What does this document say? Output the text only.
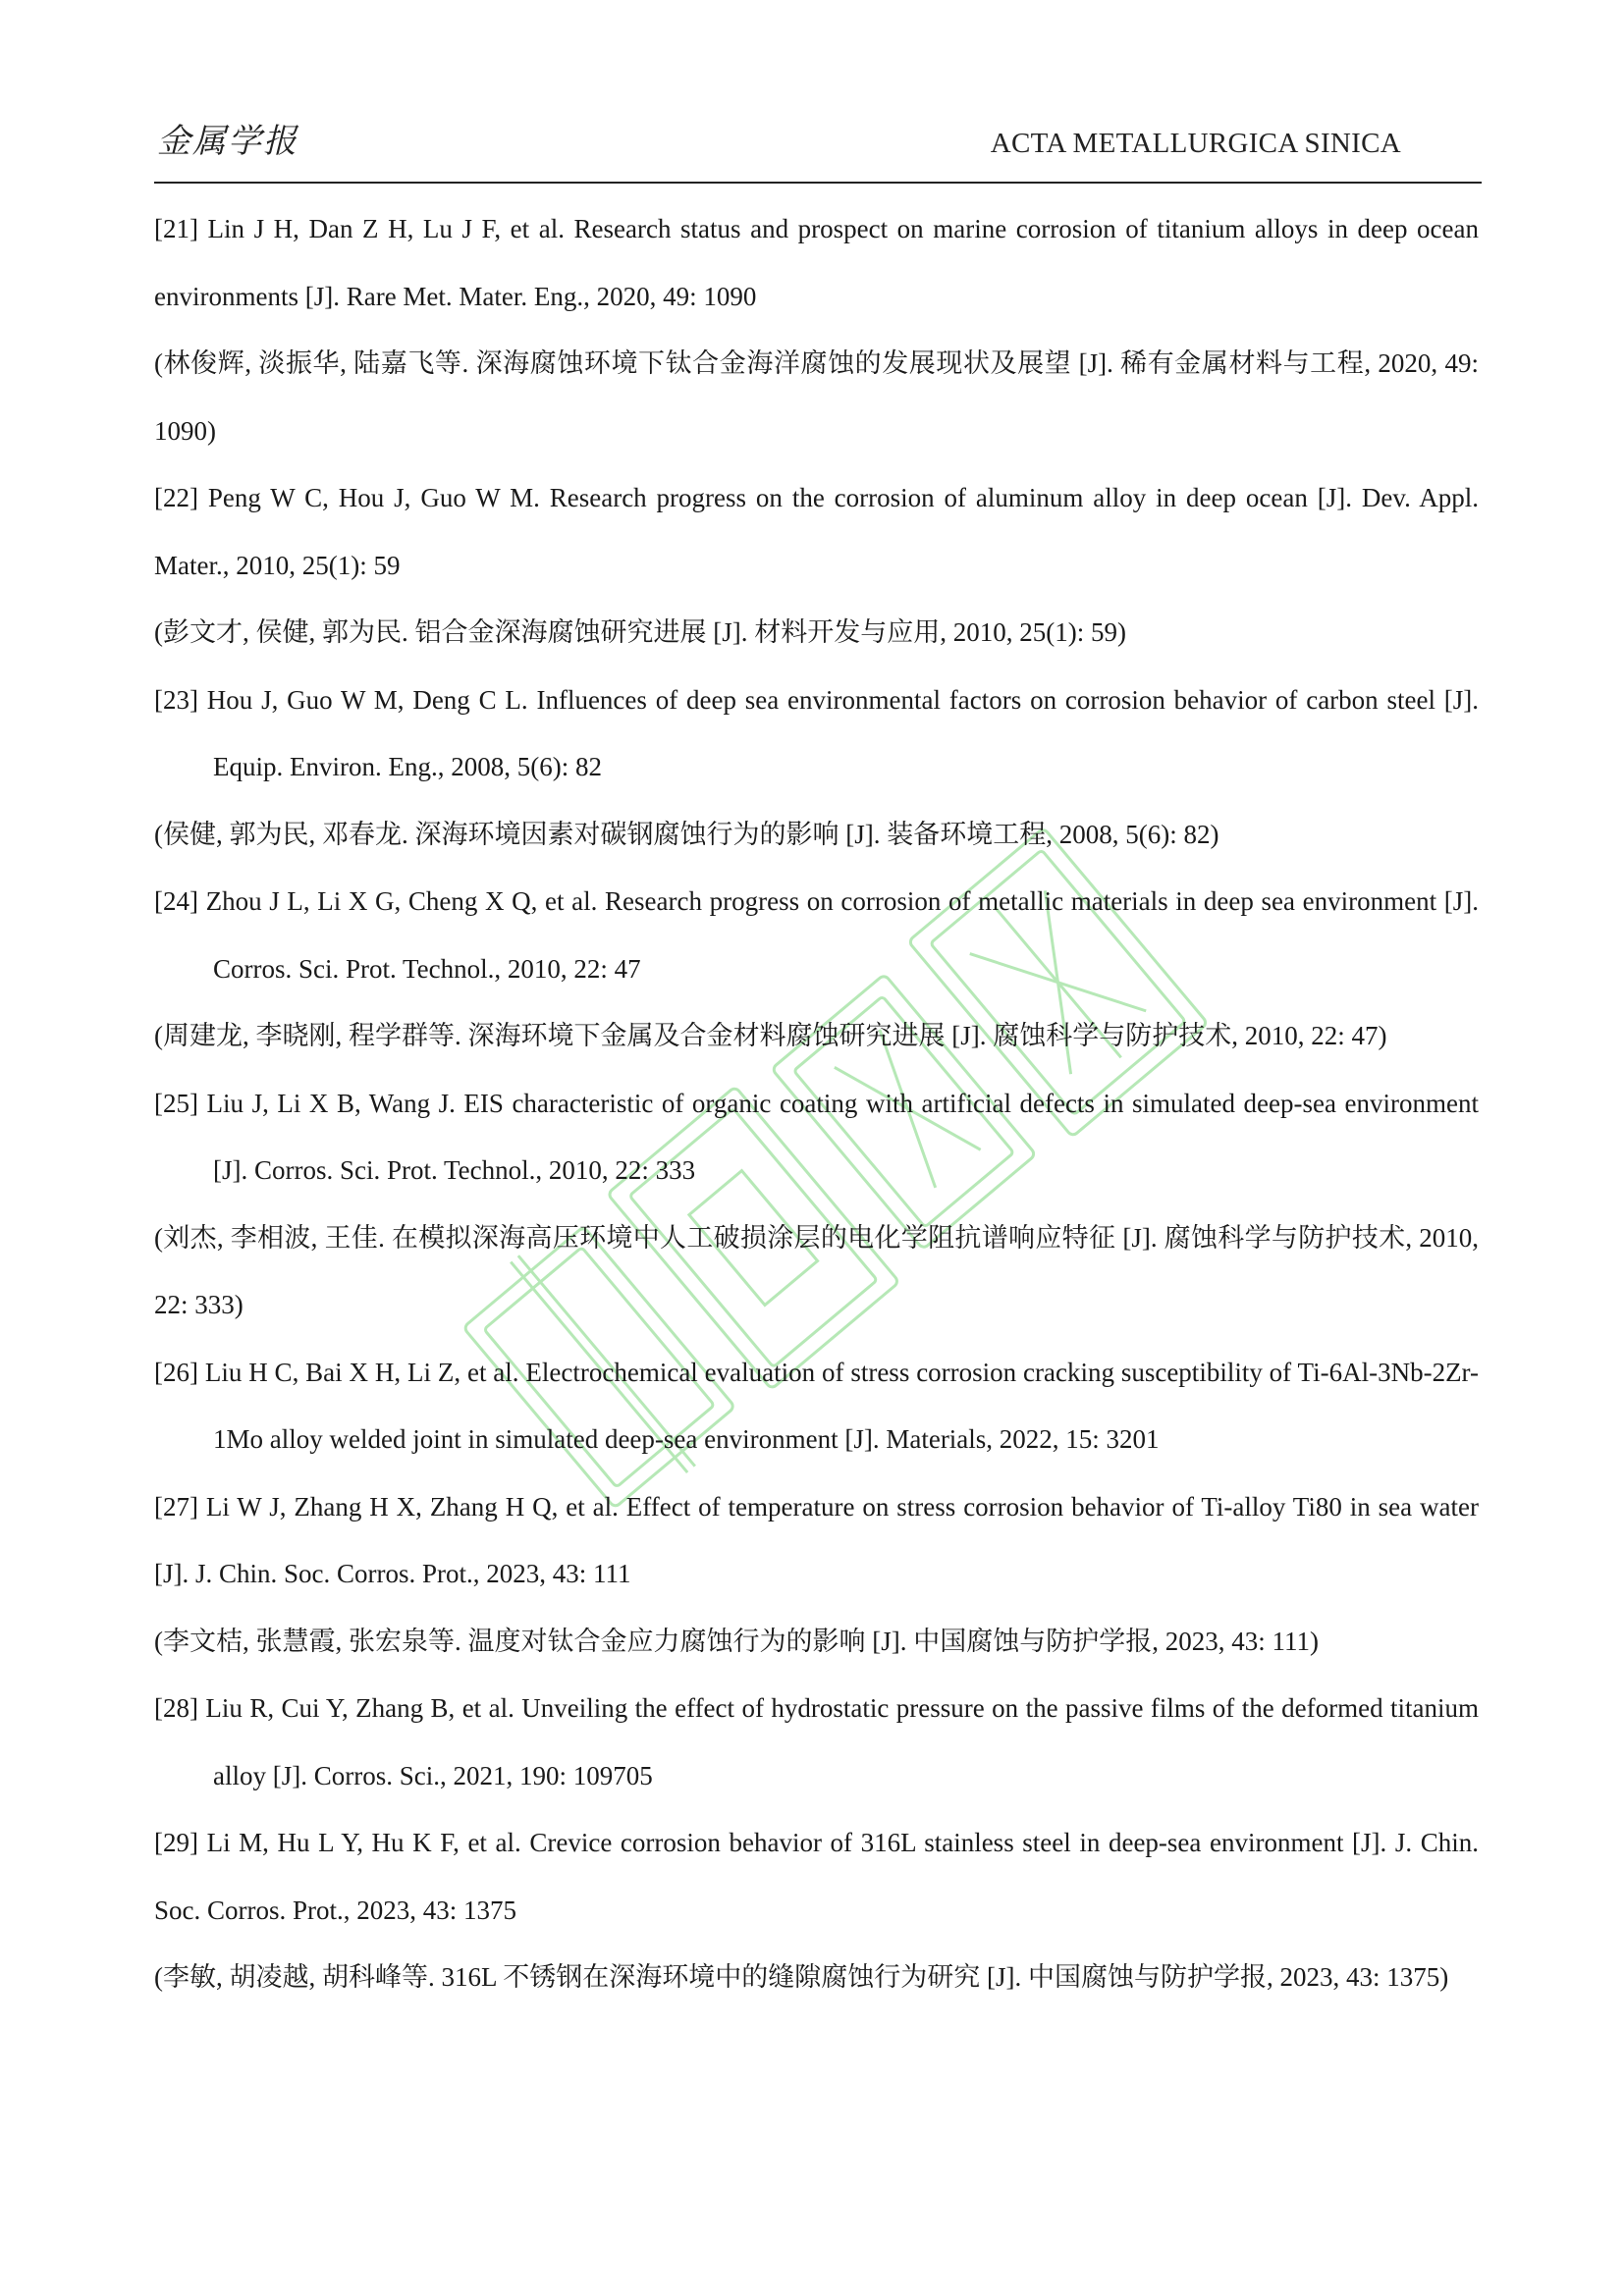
金属学报	ACTA METALLURGICA SINICA

[21] Lin J H, Dan Z H, Lu J F, et al. Research status and prospect on marine corrosion of titanium alloys in deep ocean environments [J]. Rare Met. Mater. Eng., 2020, 49: 1090

(林俊辉, 淡振华, 陆嘉飞等. 深海腐蚀环境下钛合金海洋腐蚀的发展现状及展望 [J]. 稀有金属材料与工程, 2020, 49: 1090)

[22] Peng W C, Hou J, Guo W M. Research progress on the corrosion of aluminum alloy in deep ocean [J]. Dev. Appl. Mater., 2010, 25(1): 59

(彭文才, 侯健, 郭为民. 铝合金深海腐蚀研究进展 [J]. 材料开发与应用, 2010, 25(1): 59)

[23] Hou J, Guo W M, Deng C L. Influences of deep sea environmental factors on corrosion behavior of carbon steel [J]. Equip. Environ. Eng., 2008, 5(6): 82

(侯健, 郭为民, 邓春龙. 深海环境因素对碳钢腐蚀行为的影响 [J]. 装备环境工程, 2008, 5(6): 82)

[24] Zhou J L, Li X G, Cheng X Q, et al. Research progress on corrosion of metallic materials in deep sea environment [J]. Corros. Sci. Prot. Technol., 2010, 22: 47

(周建龙, 李晓刚, 程学群等. 深海环境下金属及合金材料腐蚀研究进展 [J]. 腐蚀科学与防护技术, 2010, 22: 47)

[25] Liu J, Li X B, Wang J. EIS characteristic of organic coating with artificial defects in simulated deep-sea environment [J]. Corros. Sci. Prot. Technol., 2010, 22: 333

(刘杰, 李相波, 王佳. 在模拟深海高压环境中人工破损涂层的电化学阻抗谱响应特征 [J]. 腐蚀科学与防护技术, 2010, 22: 333)

[26] Liu H C, Bai X H, Li Z, et al. Electrochemical evaluation of stress corrosion cracking susceptibility of Ti-6Al-3Nb-2Zr-1Mo alloy welded joint in simulated deep-sea environment [J]. Materials, 2022, 15: 3201

[27] Li W J, Zhang H X, Zhang H Q, et al. Effect of temperature on stress corrosion behavior of Ti-alloy Ti80 in sea water [J]. J. Chin. Soc. Corros. Prot., 2023, 43: 111

(李文桔, 张慧霞, 张宏泉等. 温度对钛合金应力腐蚀行为的影响 [J]. 中国腐蚀与防护学报, 2023, 43: 111)

[28] Liu R, Cui Y, Zhang B, et al. Unveiling the effect of hydrostatic pressure on the passive films of the deformed titanium alloy [J]. Corros. Sci., 2021, 190: 109705

[29] Li M, Hu L Y, Hu K F, et al. Crevice corrosion behavior of 316L stainless steel in deep-sea environment [J]. J. Chin. Soc. Corros. Prot., 2023, 43: 1375

(李敏, 胡凌越, 胡科峰等. 316L 不锈钢在深海环境中的缝隙腐蚀行为研究 [J]. 中国腐蚀与防护学报, 2023, 43: 1375)
